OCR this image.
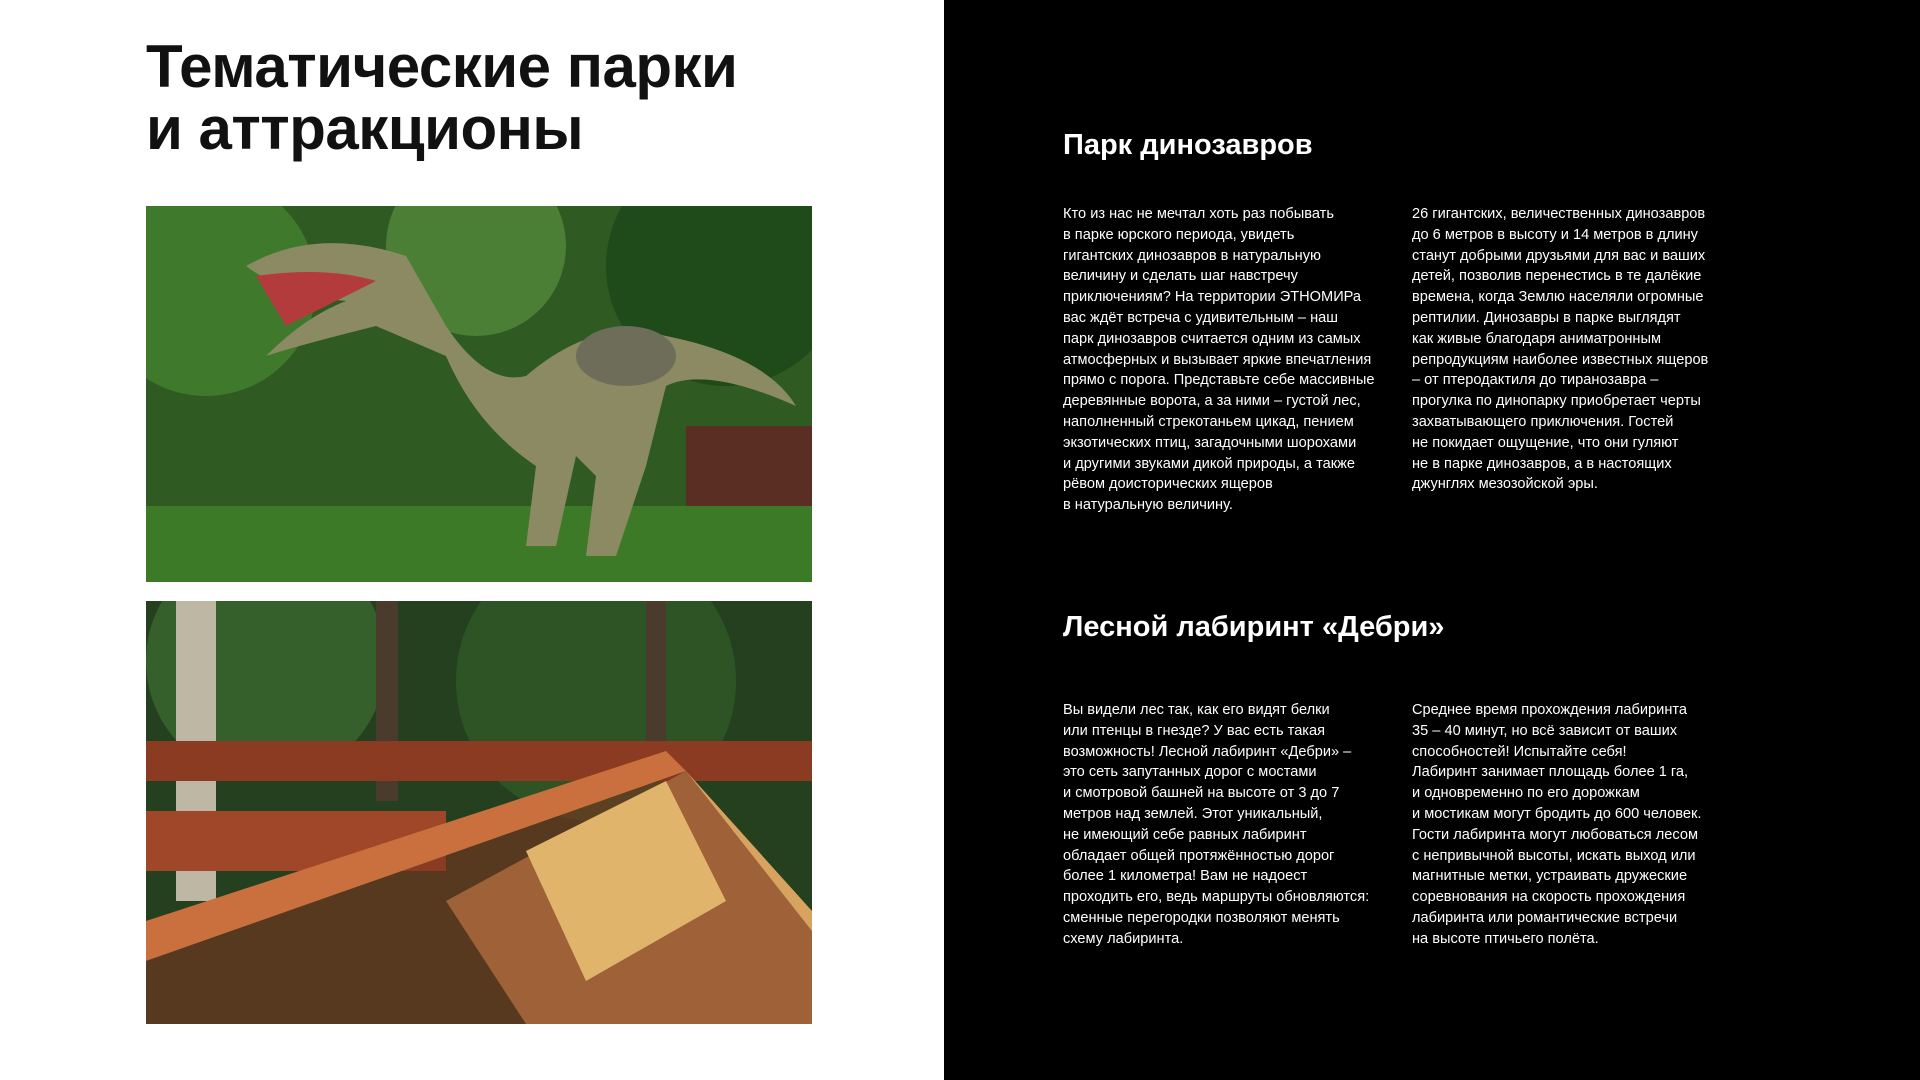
Тематические парки
и аттракционы	Парк динозавров
Кто из нас не мечтал хоть раз побывать
в парке юрского периода, увидеть
гигантских динозавров в натуральную
величину и сделать шаг навстречу
приключениям? На территории ЭТНОМИРа
вас ждёт встреча с удивительным – наш
парк динозавров считается одним из самых
атмосферных и вызывает яркие впечатления
прямо с порога. Представьте себе массивные
деревянные ворота, а за ними – густой лес,
наполненный стрекотаньем цикад, пением
экзотических птиц, загадочными шорохами
и другими звуками дикой природы, а также
рёвом доисторических ящеров
в натуральную величину.
26 гигантских, величественных динозавров
до 6 метров в высоту и 14 метров в длину
станут добрыми друзьями для вас и ваших
детей, позволив перенестись в те далёкие
времена, когда Землю населяли огромные
рептилии. Динозавры в парке выглядят
как живые благодаря аниматронным
репродукциям наиболее известных ящеров
– от птеродактиля до тиранозавра –
прогулка по динопарку приобретает черты
захватывающего приключения. Гостей
не покидает ощущение, что они гуляют
не в парке динозавров, а в настоящих
джунглях мезозойской эры.
Лесной лабиринт «Дебри»
Вы видели лес так, как его видят белки
или птенцы в гнезде? У вас есть такая
возможность! Лесной лабиринт «Дебри» –
это сеть запутанных дорог с мостами
и смотровой башней на высоте от 3 до 7
метров над землей. Этот уникальный,
не имеющий себе равных лабиринт
обладает общей протяжённостью дорог
более 1 километра! Вам не надоест
проходить его, ведь маршруты обновляются:
сменные перегородки позволяют менять
схему лабиринта.
Среднее время прохождения лабиринта
35 – 40 минут, но всё зависит от ваших
способностей! Испытайте себя!
Лабиринт занимает площадь более 1 га,
и одновременно по его дорожкам
и мостикам могут бродить до 600 человек.
Гости лабиринта могут любоваться лесом
с непривычной высоты, искать выход или
магнитные метки, устраивать дружеские
соревнования на скорость прохождения
лабиринта или романтические встречи
на высоте птичьего полёта.
